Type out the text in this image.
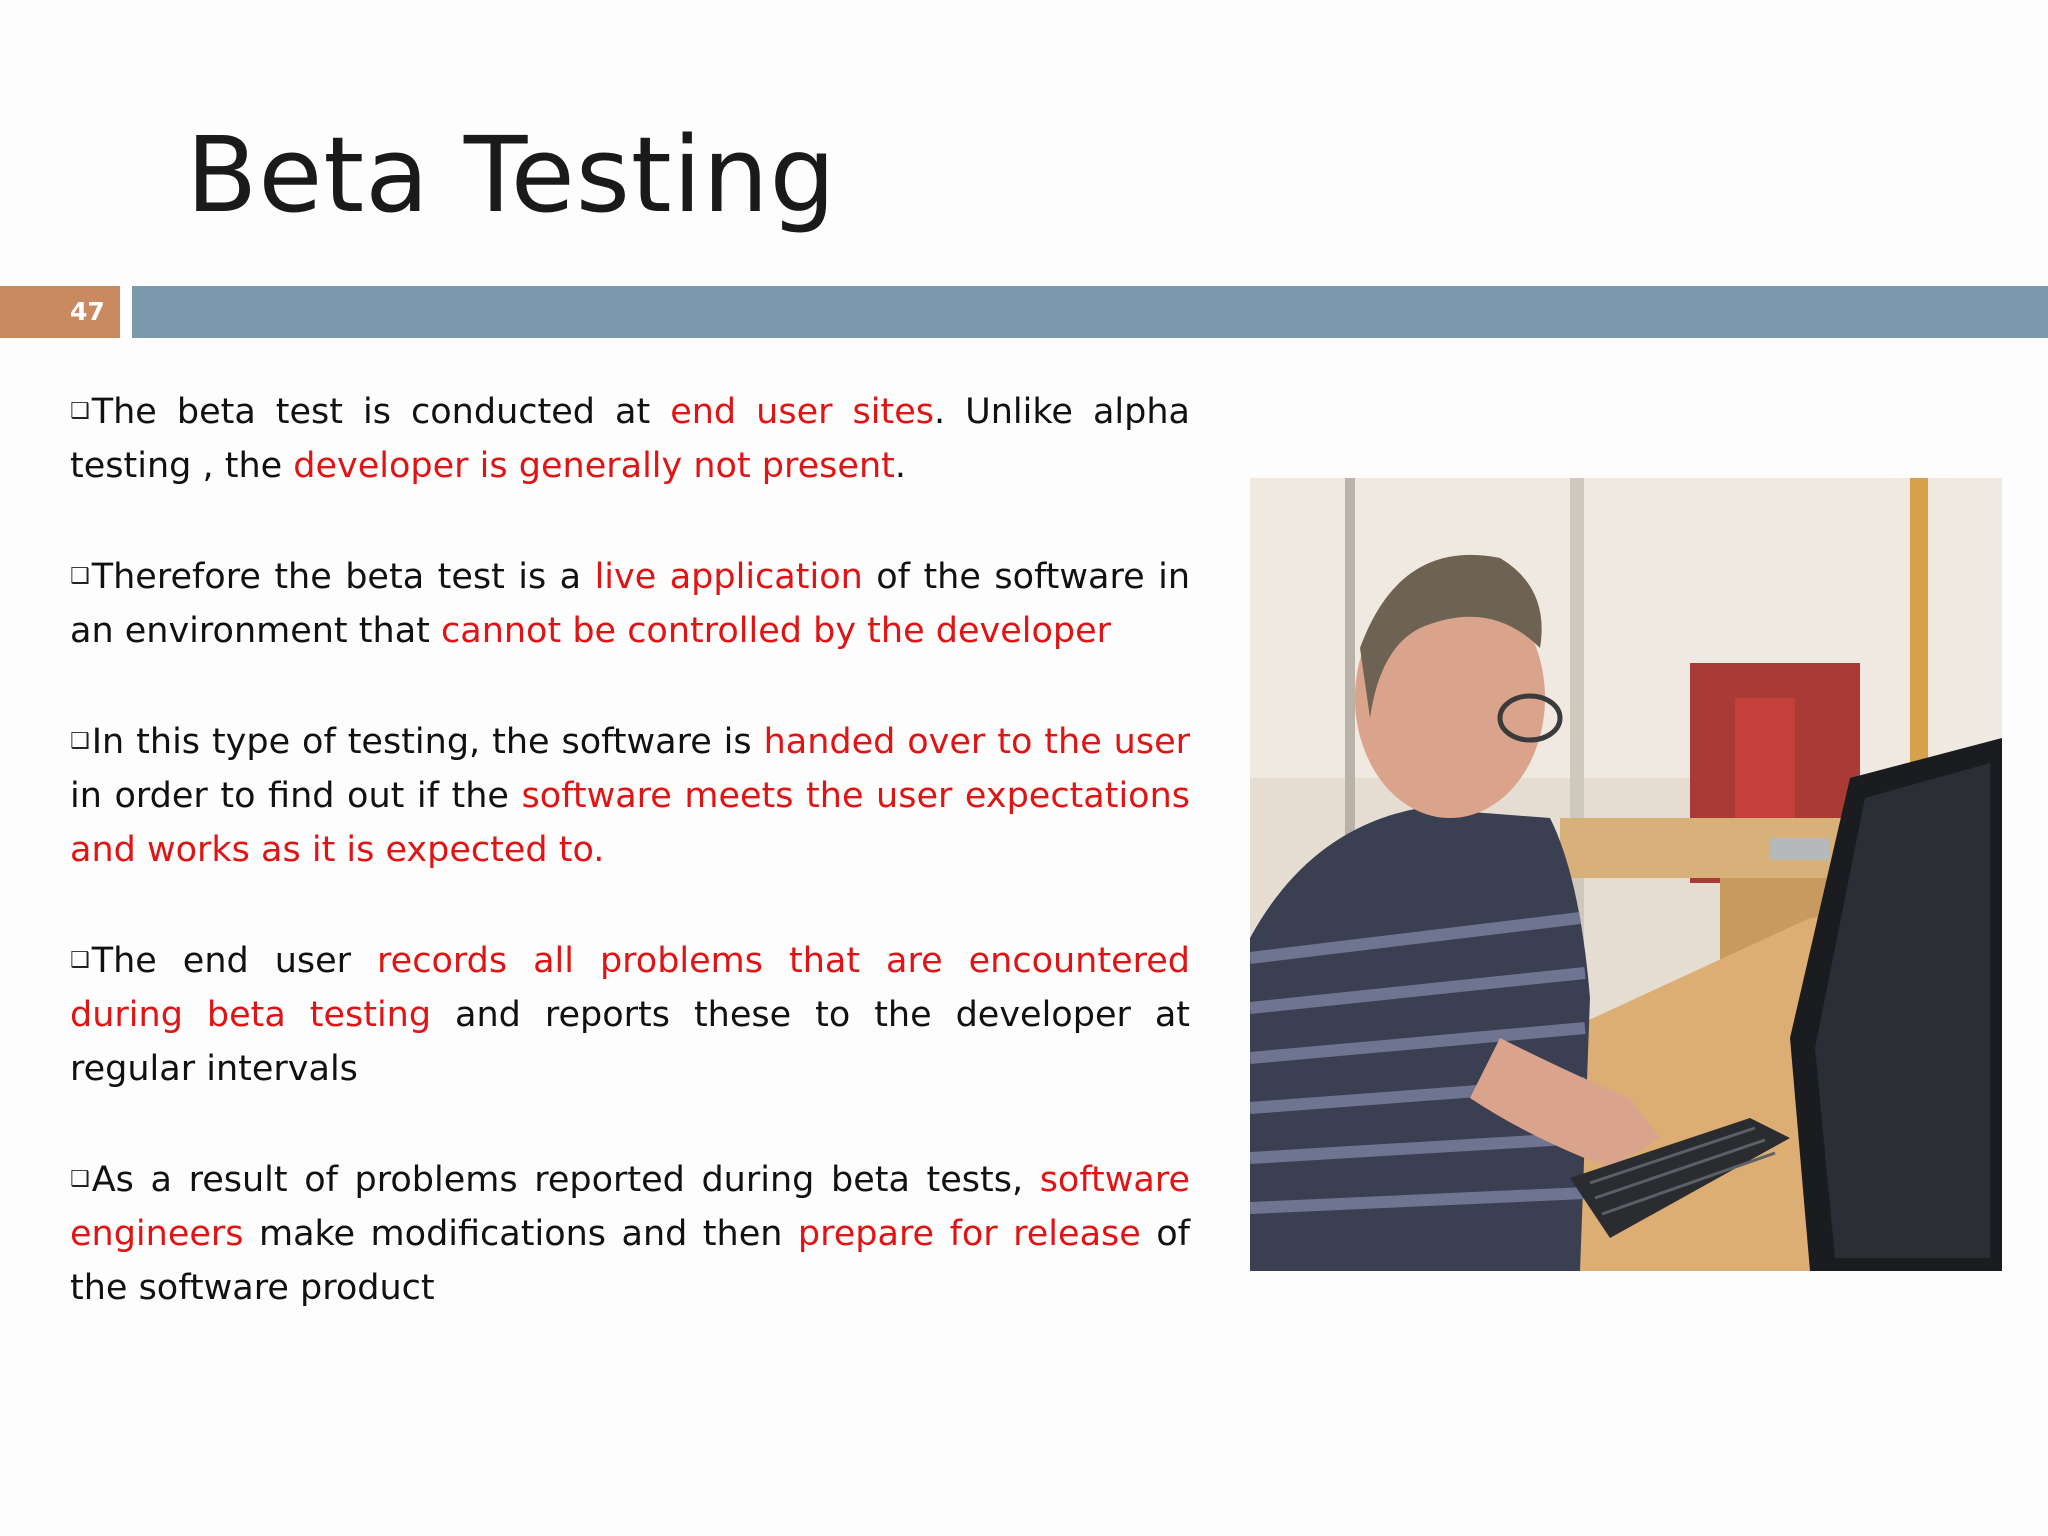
Beta Testing
47

❑The beta test is conducted at end user sites. Unlike alpha testing , the developer is generally not present.

❑Therefore the beta test is a live application of the software in an environment that cannot be controlled by the developer

❑In this type of testing, the software is handed over to the user in order to find out if the software meets the user expectations and works as it is expected to.

❑The end user records all problems that are encountered during beta testing and reports these to the developer at regular intervals

❑As a result of problems reported during beta tests, software engineers make modifications and then prepare for release of the software product
